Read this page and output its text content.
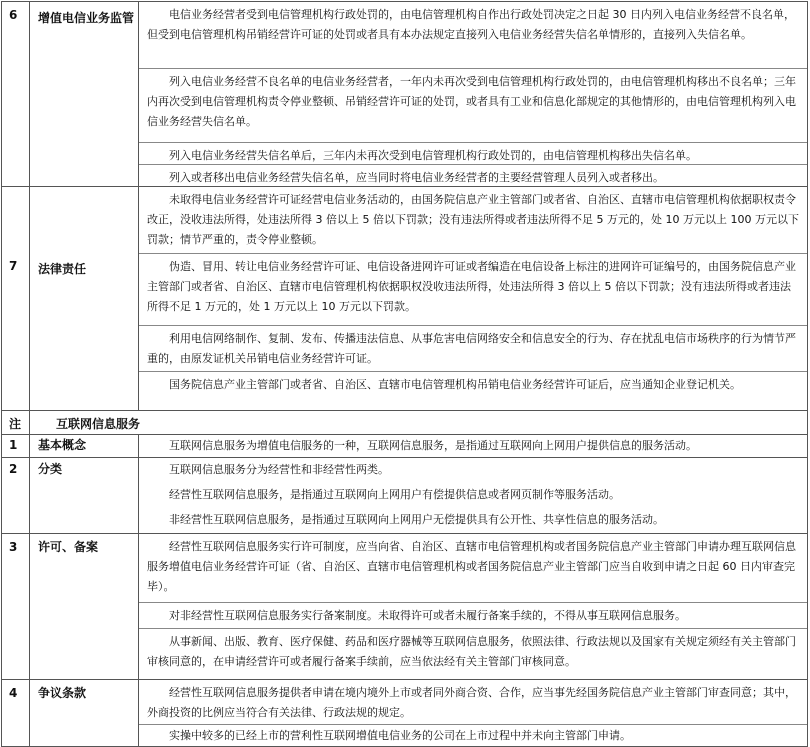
6	增值电信业务监管	电信业务经营者受到电信管理机构行政处罚的，由电信管理机构自作出行政处罚决定之日起 30 日内列入电信业务经营不良名单，但受到电信管理机构吊销经营许可证的处罚或者具有本办法规定直接列入电信业务经营失信名单情形的，直接列入失信名单。
列入电信业务经营不良名单的电信业务经营者，一年内未再次受到电信管理机构行政处罚的，由电信管理机构移出不良名单；三年内再次受到电信管理机构责令停业整顿、吊销经营许可证的处罚，或者具有工业和信息化部规定的其他情形的，由电信管理机构列入电信业务经营失信名单。
列入电信业务经营失信名单后，三年内未再次受到电信管理机构行政处罚的，由电信管理机构移出失信名单。
列入或者移出电信业务经营失信名单，应当同时将电信业务经营者的主要经营管理人员列入或者移出。
7	法律责任
未取得电信业务经营许可证经营电信业务活动的，由国务院信息产业主管部门或者省、自治区、直辖市电信管理机构依据职权责令改正，没收违法所得，处违法所得 3 倍以上 5 倍以下罚款；没有违法所得或者违法所得不足 5 万元的，处 10 万元以上 100 万元以下罚款；情节严重的，责令停业整顿。
伪造、冒用、转让电信业务经营许可证、电信设备进网许可证或者编造在电信设备上标注的进网许可证编号的，由国务院信息产业主管部门或者省、自治区、直辖市电信管理机构依据职权没收违法所得，处违法所得 3 倍以上 5 倍以下罚款；没有违法所得或者违法所得不足 1 万元的，处 1 万元以上 10 万元以下罚款。
利用电信网络制作、复制、发布、传播违法信息、从事危害电信网络安全和信息安全的行为、存在扰乱电信市场秩序的行为情节严重的，由原发证机关吊销电信业务经营许可证。
国务院信息产业主管部门或者省、自治区、直辖市电信管理机构吊销电信业务经营许可证后，应当通知企业登记机关。
注	互联网信息服务
1	基本概念	互联网信息服务为增值电信服务的一种，互联网信息服务，是指通过互联网向上网用户提供信息的服务活动。
2	分类	互联网信息服务分为经营性和非经营性两类。
经营性互联网信息服务，是指通过互联网向上网用户有偿提供信息或者网页制作等服务活动。
非经营性互联网信息服务，是指通过互联网向上网用户无偿提供具有公开性、共享性信息的服务活动。
3	许可、备案	经营性互联网信息服务实行许可制度，应当向省、自治区、直辖市电信管理机构或者国务院信息产业主管部门申请办理互联网信息服务增值电信业务经营许可证（省、自治区、直辖市电信管理机构或者国务院信息产业主管部门应当自收到申请之日起 60 日内审查完毕）。
对非经营性互联网信息服务实行备案制度。未取得许可或者未履行备案手续的，不得从事互联网信息服务。
从事新闻、出版、教育、医疗保健、药品和医疗器械等互联网信息服务，依照法律、行政法规以及国家有关规定须经有关主管部门审核同意的，在申请经营许可或者履行备案手续前，应当依法经有关主管部门审核同意。
4	争议条款	经营性互联网信息服务提供者申请在境内境外上市或者同外商合资、合作，应当事先经国务院信息产业主管部门审查同意；其中，外商投资的比例应当符合有关法律、行政法规的规定。
实操中较多的已经上市的营利性互联网增值电信业务的公司在上市过程中并未向主管部门申请。
